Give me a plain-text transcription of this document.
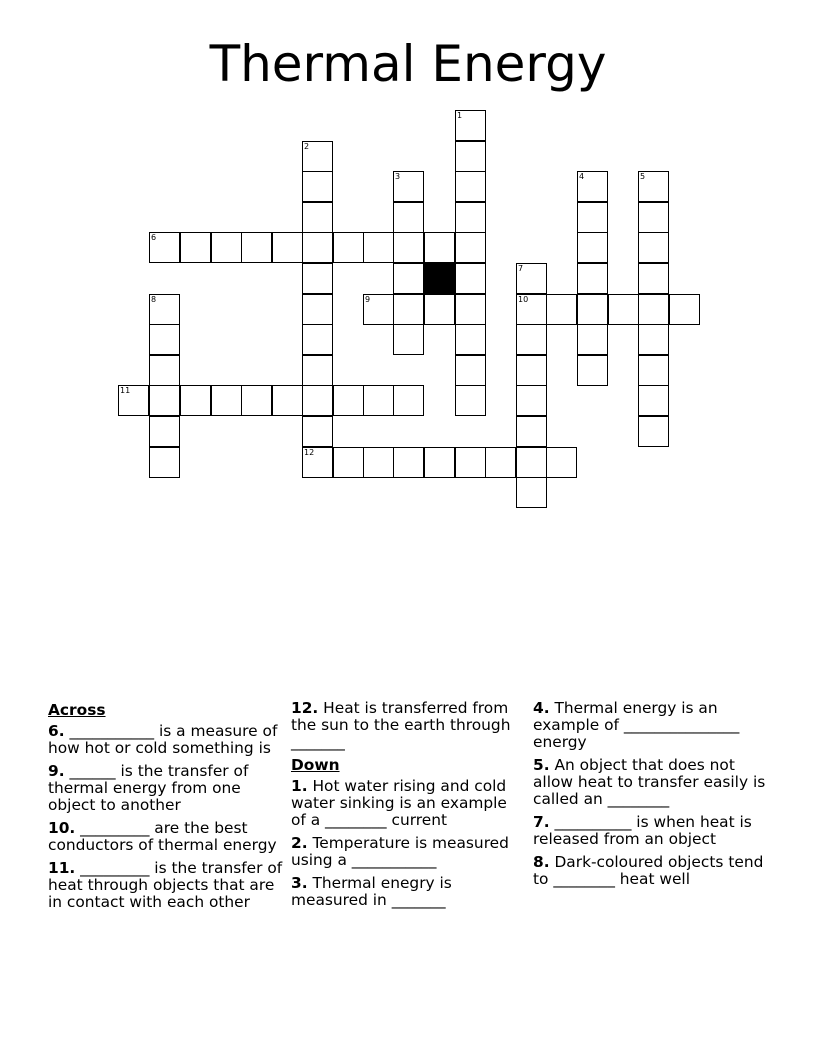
Thermal Energy
1
2
3	4	5
6
7
8	9	10
11
12
Across
6. ___________ is a measure of how hot or cold something is
9. ______ is the transfer of thermal energy from one object to another
10. _________ are the best conductors of thermal energy
11. _________ is the transfer of heat through objects that are in contact with each other
12. Heat is transferred from the sun to the earth through _______
Down
1. Hot water rising and cold water sinking is an example of a ________ current
2. Temperature is measured using a ___________
3. Thermal enegry is measured in _______
4. Thermal energy is an example of _______________ energy
5. An object that does not allow heat to transfer easily is called an ________
7. __________ is when heat is released from an object
8. Dark-coloured objects tend to ________ heat well
